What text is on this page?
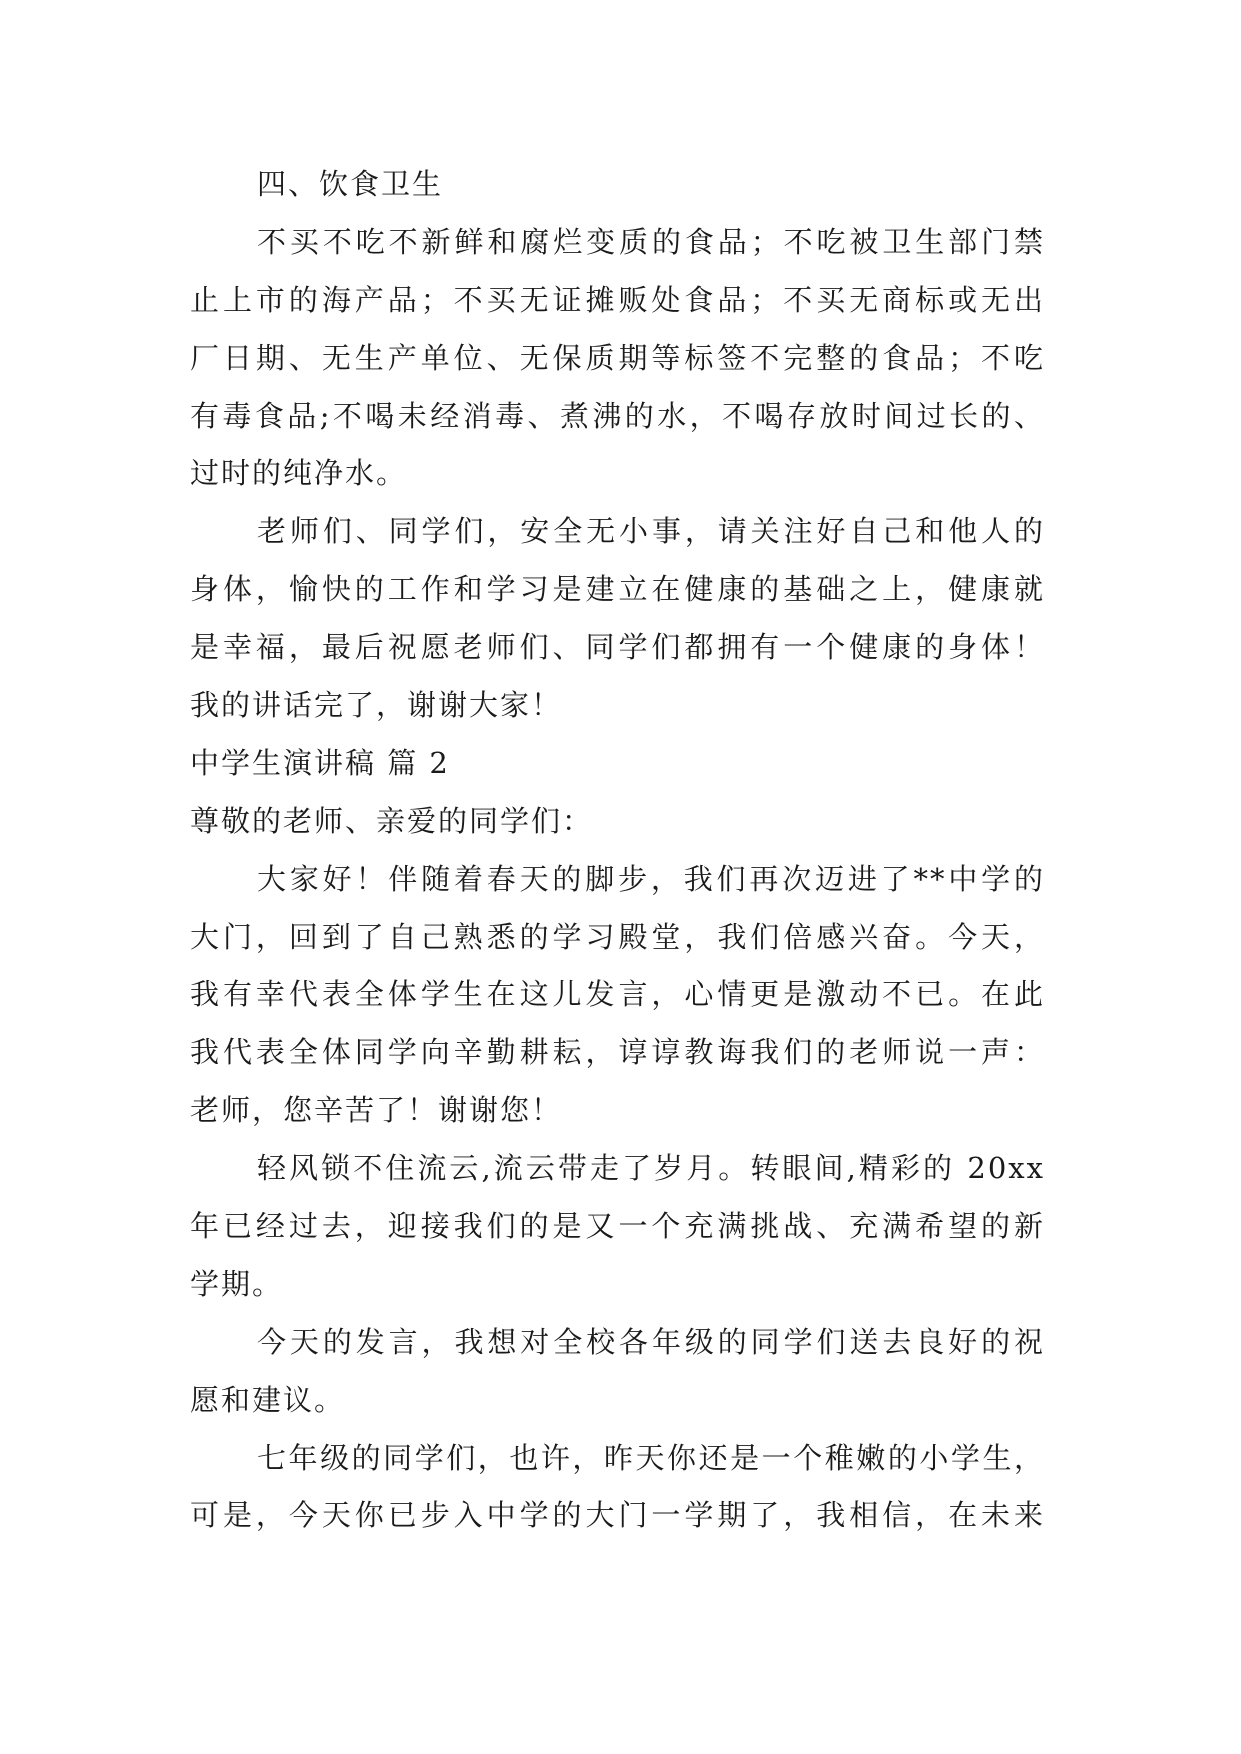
四、饮食卫生
不买不吃不新鲜和腐烂变质的食品；不吃被卫生部门禁
止上市的海产品；不买无证摊贩处食品；不买无商标或无出
厂日期、无生产单位、无保质期等标签不完整的食品；不吃
有毒食品;不喝未经消毒、煮沸的水，不喝存放时间过长的、
过时的纯净水。
老师们、同学们，安全无小事，请关注好自己和他人的
身体，愉快的工作和学习是建立在健康的基础之上，健康就
是幸福，最后祝愿老师们、同学们都拥有一个健康的身体！
我的讲话完了，谢谢大家！
中学生演讲稿 篇 2
尊敬的老师、亲爱的同学们：
大家好！伴随着春天的脚步，我们再次迈进了**中学的
大门，回到了自己熟悉的学习殿堂，我们倍感兴奋。今天，
我有幸代表全体学生在这儿发言，心情更是激动不已。在此
我代表全体同学向辛勤耕耘，谆谆教诲我们的老师说一声：
老师，您辛苦了！谢谢您！
轻风锁不住流云,流云带走了岁月。转眼间,精彩的 20xx
年已经过去，迎接我们的是又一个充满挑战、充满希望的新
学期。
今天的发言，我想对全校各年级的同学们送去良好的祝
愿和建议。
七年级的同学们，也许，昨天你还是一个稚嫩的小学生，
可是，今天你已步入中学的大门一学期了，我相信，在未来
